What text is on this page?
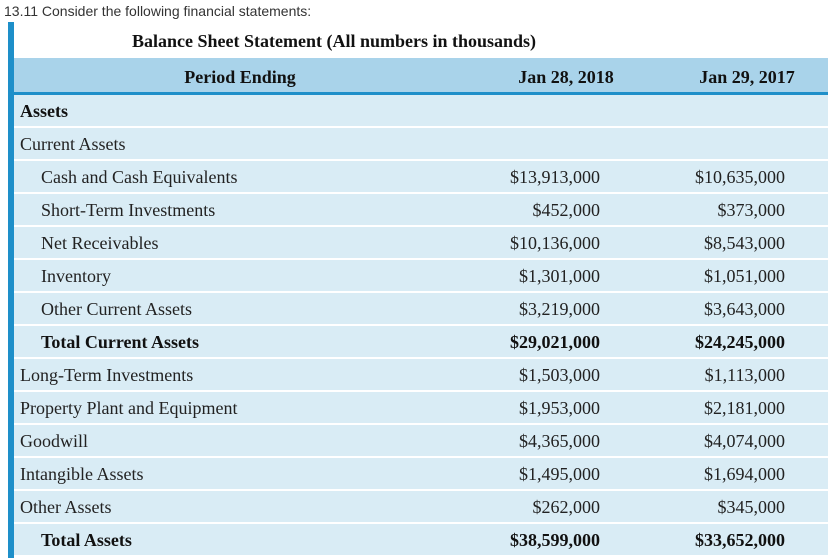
13.11 Consider the following financial statements:
Balance Sheet Statement (All numbers in thousands)
Period Ending	Jan 28, 2018	Jan 29, 2017
Assets
Current Assets
Cash and Cash Equivalents	$13,913,000	$10,635,000
Short-Term Investments	$452,000	$373,000
Net Receivables	$10,136,000	$8,543,000
Inventory	$1,301,000	$1,051,000
Other Current Assets	$3,219,000	$3,643,000
Total Current Assets	$29,021,000	$24,245,000
Long-Term Investments	$1,503,000	$1,113,000
Property Plant and Equipment	$1,953,000	$2,181,000
Goodwill	$4,365,000	$4,074,000
Intangible Assets	$1,495,000	$1,694,000
Other Assets	$262,000	$345,000
Total Assets	$38,599,000	$33,652,000
